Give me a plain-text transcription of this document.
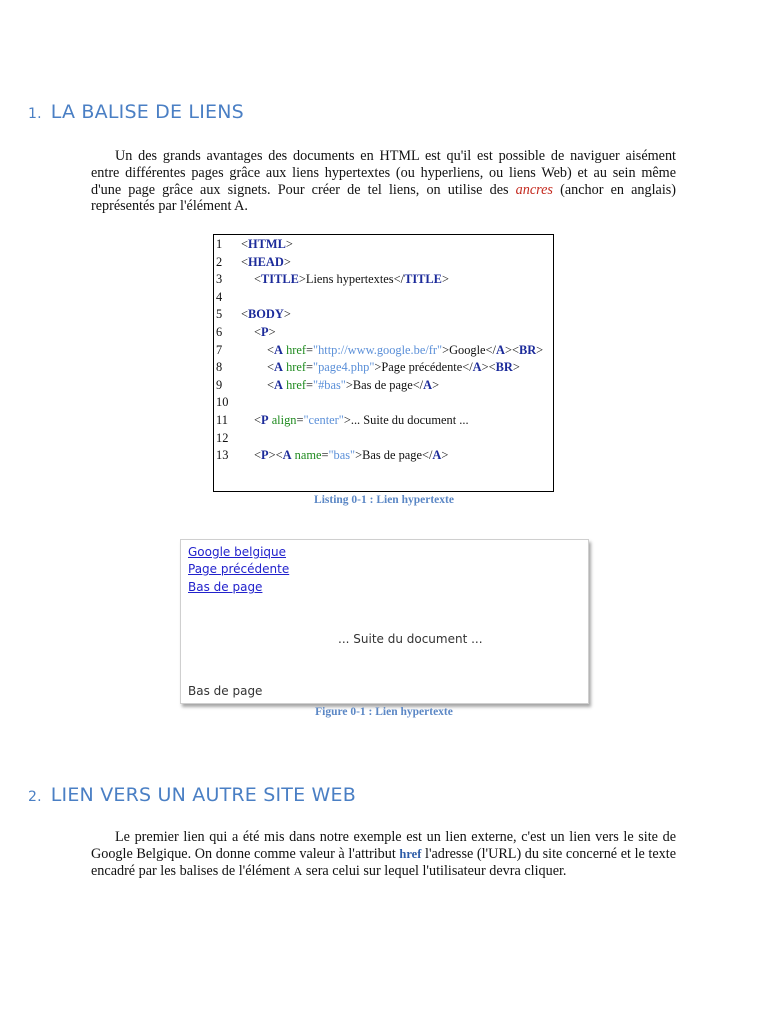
1. LA BALISE DE LIENS

Un des grands avantages des documents en HTML est qu'il est possible de naviguer aisément entre différentes pages grâce aux liens hypertextes (ou hyperliens, ou liens Web) et au sein même d'une page grâce aux signets. Pour créer de tel liens, on utilise des ancres (anchor en anglais) représentés par l'élément A.

1 <HTML>
2 <HEAD>
3	<TITLE>Liens hypertextes</TITLE>
4
5 <BODY>
6	<P>
7	<A href="http://www.google.be/fr">Google</A><BR>
8	<A href="page4.php">Page précédente</A><BR>
9	<A href="#bas">Bas de page</A>
10
11	<P align="center">... Suite du document ...
12
13	<P><A name="bas">Bas de page</A>

Listing 0-1 : Lien hypertexte

Google belgique
Page précédente
Bas de page
... Suite du document ...
Bas de page

Figure 0-1 : Lien hypertexte

2. LIEN VERS UN AUTRE SITE WEB

Le premier lien qui a été mis dans notre exemple est un lien externe, c'est un lien vers le site de Google Belgique. On donne comme valeur à l'attribut href l'adresse (l'URL) du site concerné et le texte encadré par les balises de l'élément A sera celui sur lequel l'utilisateur devra cliquer.
